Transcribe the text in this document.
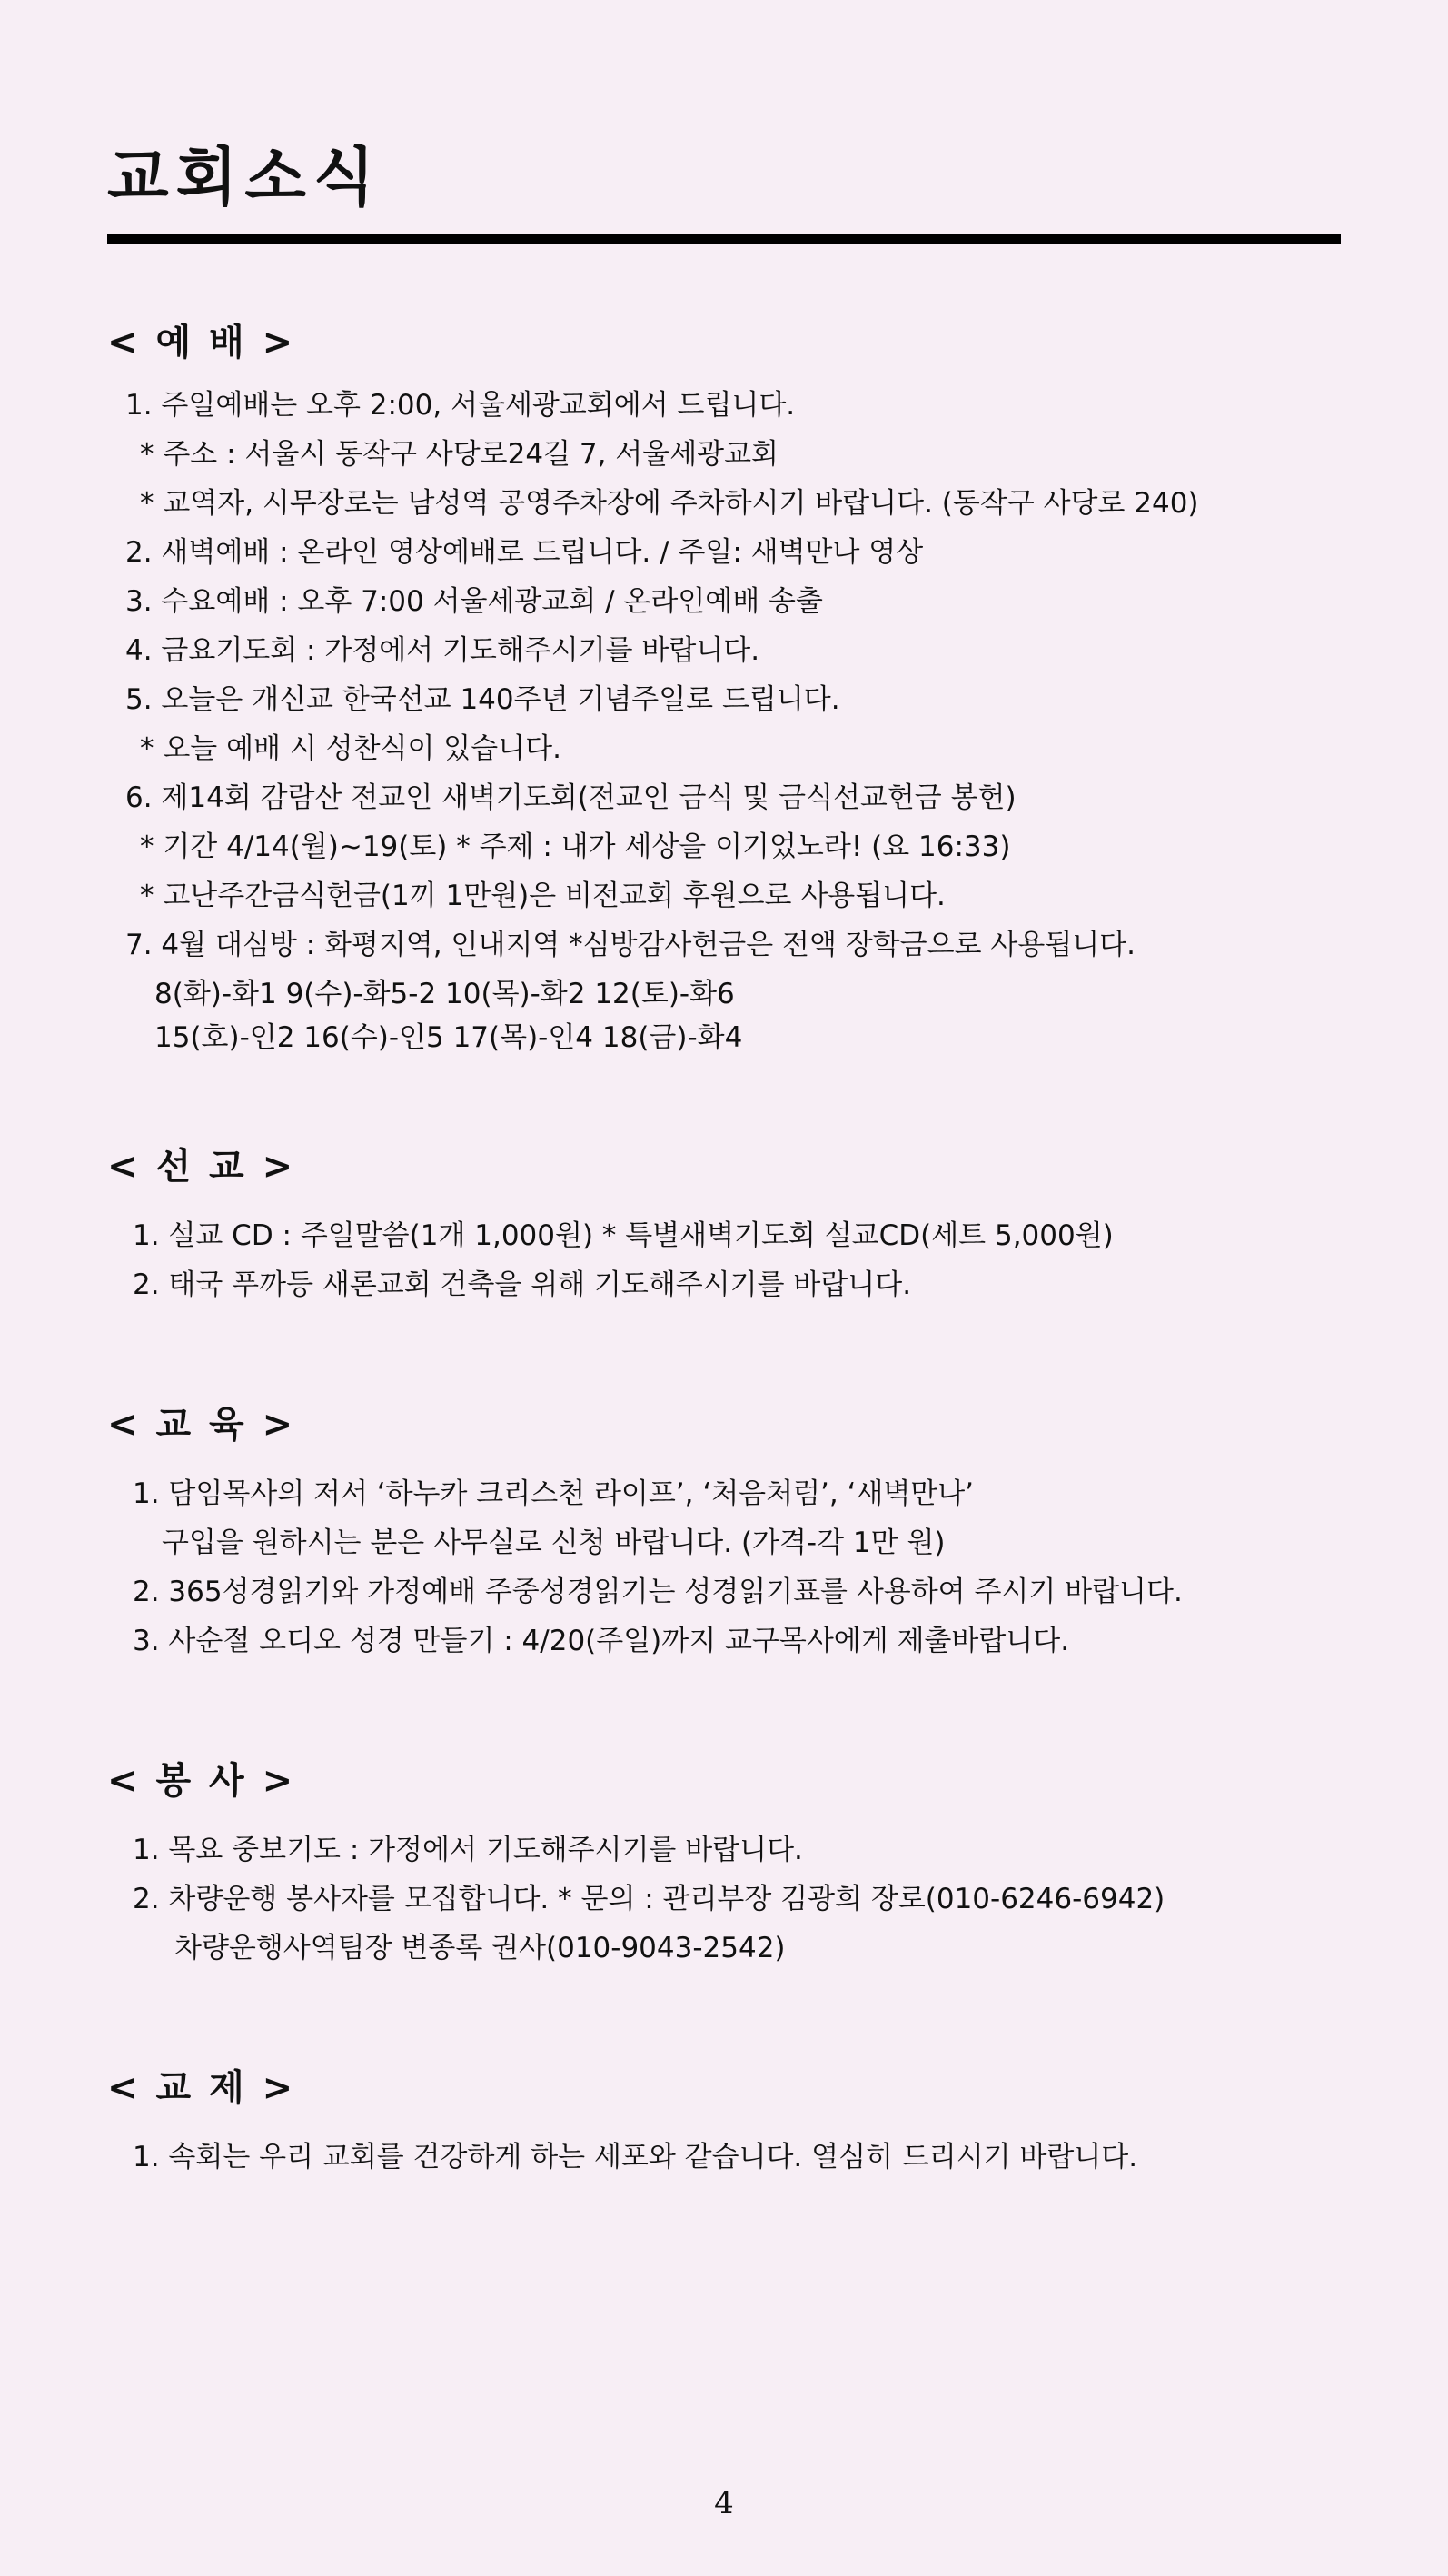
교회소식
< 예 배 >

1. 주일예배는 오후 2:00, 서울세광교회에서 드립니다.

* 주소 : 서울시 동작구 사당로24길 7, 서울세광교회

* 교역자, 시무장로는 남성역 공영주차장에 주차하시기 바랍니다. (동작구 사당로 240)

2. 새벽예배 : 온라인 영상예배로 드립니다. / 주일: 새벽만나 영상

3. 수요예배 : 오후 7:00 서울세광교회 / 온라인예배 송출

4. 금요기도회 : 가정에서 기도해주시기를 바랍니다.

5. 오늘은 개신교 한국선교 140주년 기념주일로 드립니다.

* 오늘 예배 시 성찬식이 있습니다.

6. 제14회 감람산 전교인 새벽기도회(전교인 금식 및 금식선교헌금 봉헌)

* 기간 4/14(월)~19(토) * 주제 : 내가 세상을 이기었노라! (요 16:33)

* 고난주간금식헌금(1끼 1만원)은 비전교회 후원으로 사용됩니다.

7. 4월 대심방 : 화평지역, 인내지역 *심방감사헌금은 전액 장학금으로 사용됩니다.

8(화)-화1 9(수)-화5-2 10(목)-화2 12(토)-화6

15(호)-인2 16(수)-인5 17(목)-인4 18(금)-화4

< 선 교 >

1. 설교 CD : 주일말씀(1개 1,000원) * 특별새벽기도회 설교CD(세트 5,000원)

2. 태국 푸까등 새론교회 건축을 위해 기도해주시기를 바랍니다.

< 교 육 >

1. 담임목사의 저서 ‘하누카 크리스천 라이프’, ‘처음처럼’, ‘새벽만나’

구입을 원하시는 분은 사무실로 신청 바랍니다. (가격-각 1만 원)

2. 365성경읽기와 가정예배 주중성경읽기는 성경읽기표를 사용하여 주시기 바랍니다.

3. 사순절 오디오 성경 만들기 : 4/20(주일)까지 교구목사에게 제출바랍니다.

< 봉 사 >

1. 목요 중보기도 : 가정에서 기도해주시기를 바랍니다.

2. 차량운행 봉사자를 모집합니다. * 문의 : 관리부장 김광희 장로(010-6246-6942)

차량운행사역팀장 변종록 권사(010-9043-2542)

< 교 제 >

1. 속회는 우리 교회를 건강하게 하는 세포와 같습니다. 열심히 드리시기 바랍니다.

4
